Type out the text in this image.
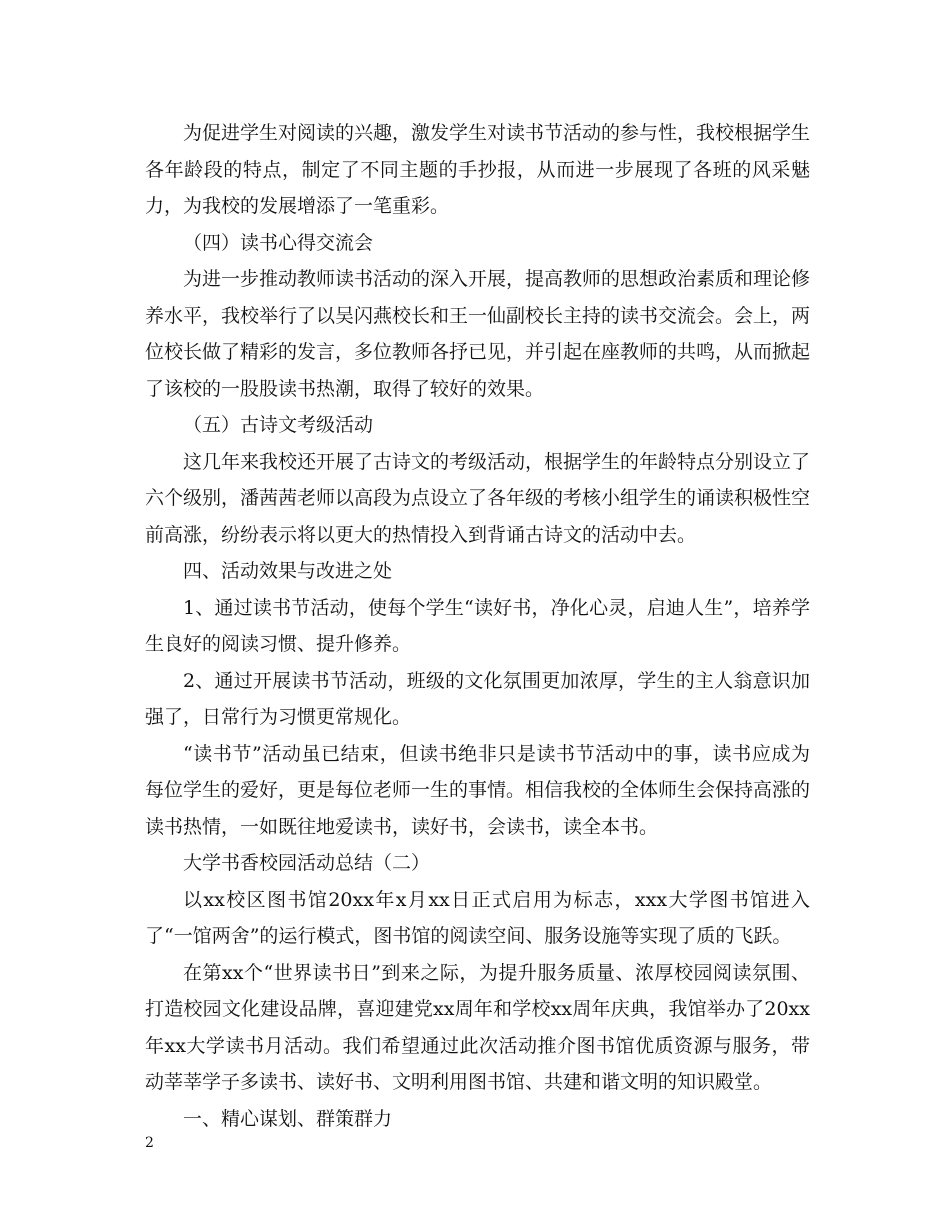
为促进学生对阅读的兴趣，激发学生对读书节活动的参与性，我校根据学生各年龄段的特点，制定了不同主题的手抄报，从而进一步展现了各班的风采魅力，为我校的发展增添了一笔重彩。

（四）读书心得交流会

为进一步推动教师读书活动的深入开展，提高教师的思想政治素质和理论修养水平，我校举行了以吴闪燕校长和王一仙副校长主持的读书交流会。会上，两位校长做了精彩的发言，多位教师各抒已见，并引起在座教师的共鸣，从而掀起了该校的一股股读书热潮，取得了较好的效果。

（五）古诗文考级活动

这几年来我校还开展了古诗文的考级活动，根据学生的年龄特点分别设立了六个级别，潘茜茜老师以高段为点设立了各年级的考核小组学生的诵读积极性空前高涨，纷纷表示将以更大的热情投入到背诵古诗文的活动中去。

四、活动效果与改进之处

1、通过读书节活动，使每个学生“读好书，净化心灵，启迪人生”，培养学生良好的阅读习惯、提升修养。

2、通过开展读书节活动，班级的文化氛围更加浓厚，学生的主人翁意识加强了，日常行为习惯更常规化。

“读书节”活动虽已结束，但读书绝非只是读书节活动中的事，读书应成为每位学生的爱好，更是每位老师一生的事情。相信我校的全体师生会保持高涨的读书热情，一如既往地爱读书，读好书，会读书，读全本书。

大学书香校园活动总结（二）

以xx校区图书馆20xx年x月xx日正式启用为标志，xxx大学图书馆进入了“一馆两舍”的运行模式，图书馆的阅读空间、服务设施等实现了质的飞跃。

在第xx个“世界读书日”到来之际，为提升服务质量、浓厚校园阅读氛围、打造校园文化建设品牌，喜迎建党xx周年和学校xx周年庆典，我馆举办了20xx年xx大学读书月活动。我们希望通过此次活动推介图书馆优质资源与服务，带动莘莘学子多读书、读好书、文明利用图书馆、共建和谐文明的知识殿堂。

一、精心谋划、群策群力

2
